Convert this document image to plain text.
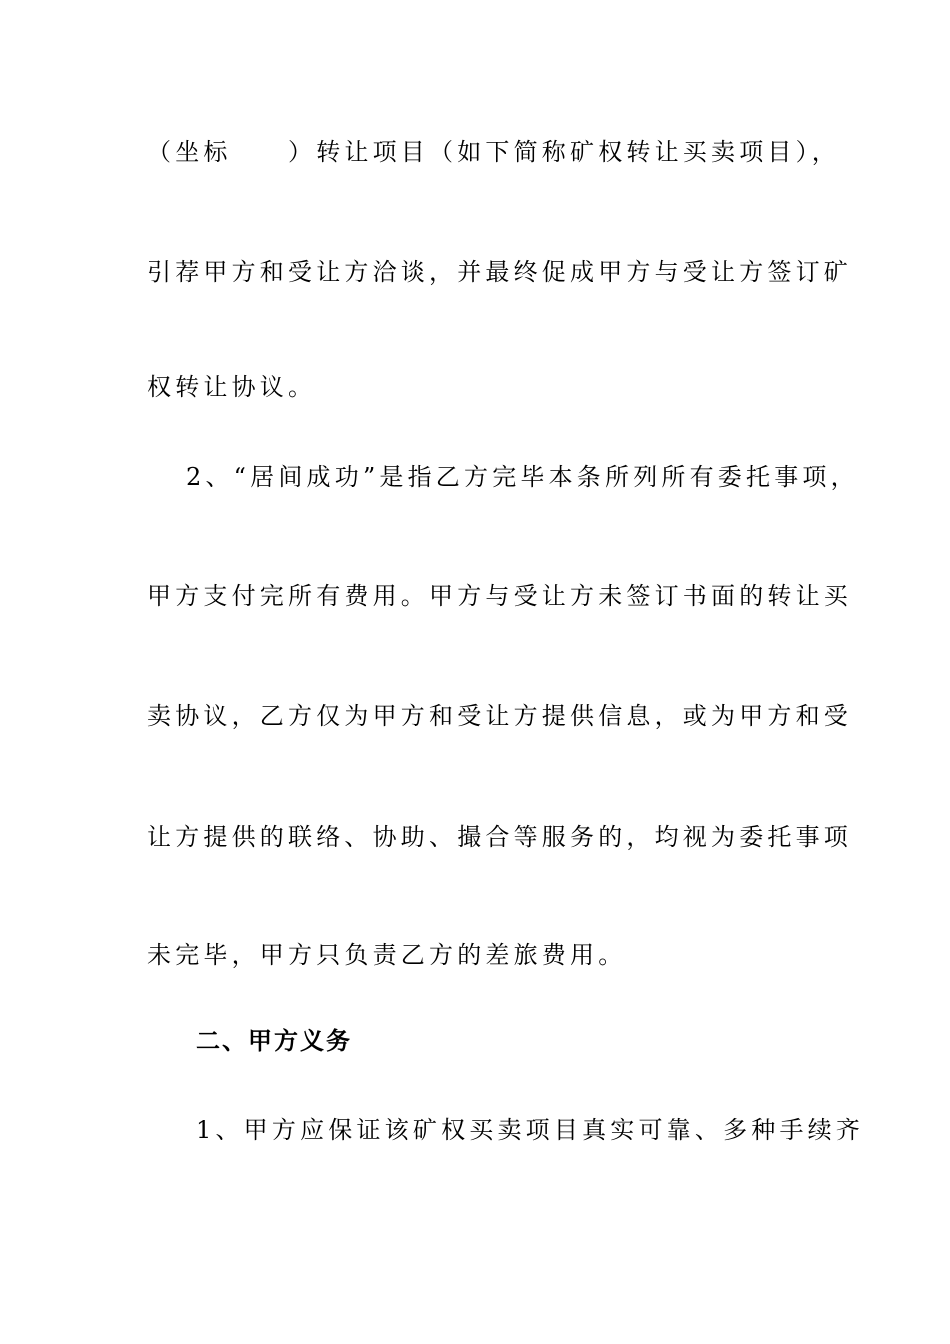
（坐标　　）转让项目（如下简称矿权转让买卖项目），
引荐甲方和受让方洽谈，并最终促成甲方与受让方签订矿
权转让协议。
2、“居间成功”是指乙方完毕本条所列所有委托事项，
甲方支付完所有费用。甲方与受让方未签订书面的转让买
卖协议，乙方仅为甲方和受让方提供信息，或为甲方和受
让方提供的联络、协助、撮合等服务的，均视为委托事项
未完毕，甲方只负责乙方的差旅费用。
二、甲方义务
1、甲方应保证该矿权买卖项目真实可靠、多种手续齐
